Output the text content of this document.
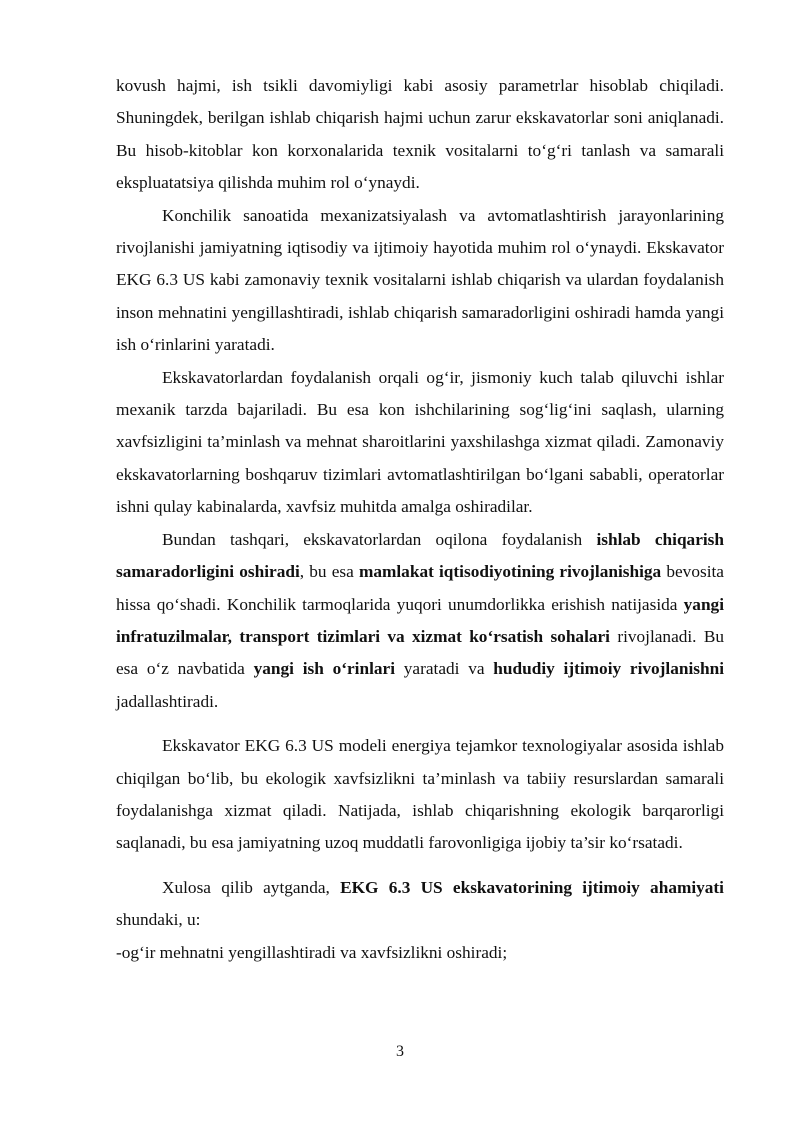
kovush hajmi, ish tsikli davomiyligi kabi asosiy parametrlar hisoblab chiqiladi. Shuningdek, berilgan ishlab chiqarish hajmi uchun zarur ekskavatorlar soni aniqlanadi. Bu hisob-kitoblar kon korxonalarida texnik vositalarni to‘g‘ri tanlash va samarali ekspluatatsiya qilishda muhim rol o‘ynaydi.

Konchilik sanoatida mexanizatsiyalash va avtomatlashtirish jarayonlarining rivojlanishi jamiyatning iqtisodiy va ijtimoiy hayotida muhim rol o‘ynaydi. Ekskavator EKG 6.3 US kabi zamonaviy texnik vositalarni ishlab chiqarish va ulardan foydalanish inson mehnatini yengillashtiradi, ishlab chiqarish samaradorligini oshiradi hamda yangi ish o‘rinlarini yaratadi.

Ekskavatorlardan foydalanish orqali og‘ir, jismoniy kuch talab qiluvchi ishlar mexanik tarzda bajariladi. Bu esa kon ishchilarining sog‘lig‘ini saqlash, ularning xavfsizligini ta’minlash va mehnat sharoitlarini yaxshilashga xizmat qiladi. Zamonaviy ekskavatorlarning boshqaruv tizimlari avtomatlashtirilgan bo‘lgani sababli, operatorlar ishni qulay kabinalarda, xavfsiz muhitda amalga oshiradilar.

Bundan tashqari, ekskavatorlardan oqilona foydalanish ishlab chiqarish samaradorligini oshiradi, bu esa mamlakat iqtisodiyotining rivojlanishiga bevosita hissa qo‘shadi. Konchilik tarmoqlarida yuqori unumdorlikka erishish natijasida yangi infratuzilmalar, transport tizimlari va xizmat ko‘rsatish sohalari rivojlanadi. Bu esa o‘z navbatida yangi ish o‘rinlari yaratadi va hududiy ijtimoiy rivojlanishni jadallashtiradi.

Ekskavator EKG 6.3 US modeli energiya tejamkor texnologiyalar asosida ishlab chiqilgan bo‘lib, bu ekologik xavfsizlikni ta’minlash va tabiiy resurslardan samarali foydalanishga xizmat qiladi. Natijada, ishlab chiqarishning ekologik barqarorligi saqlanadi, bu esa jamiyatning uzoq muddatli farovonligiga ijobiy ta’sir ko‘rsatadi.

Xulosa qilib aytganda, EKG 6.3 US ekskavatorining ijtimoiy ahamiyati shundaki, u:

-og‘ir mehnatni yengillashtiradi va xavfsizlikni oshiradi;

3
